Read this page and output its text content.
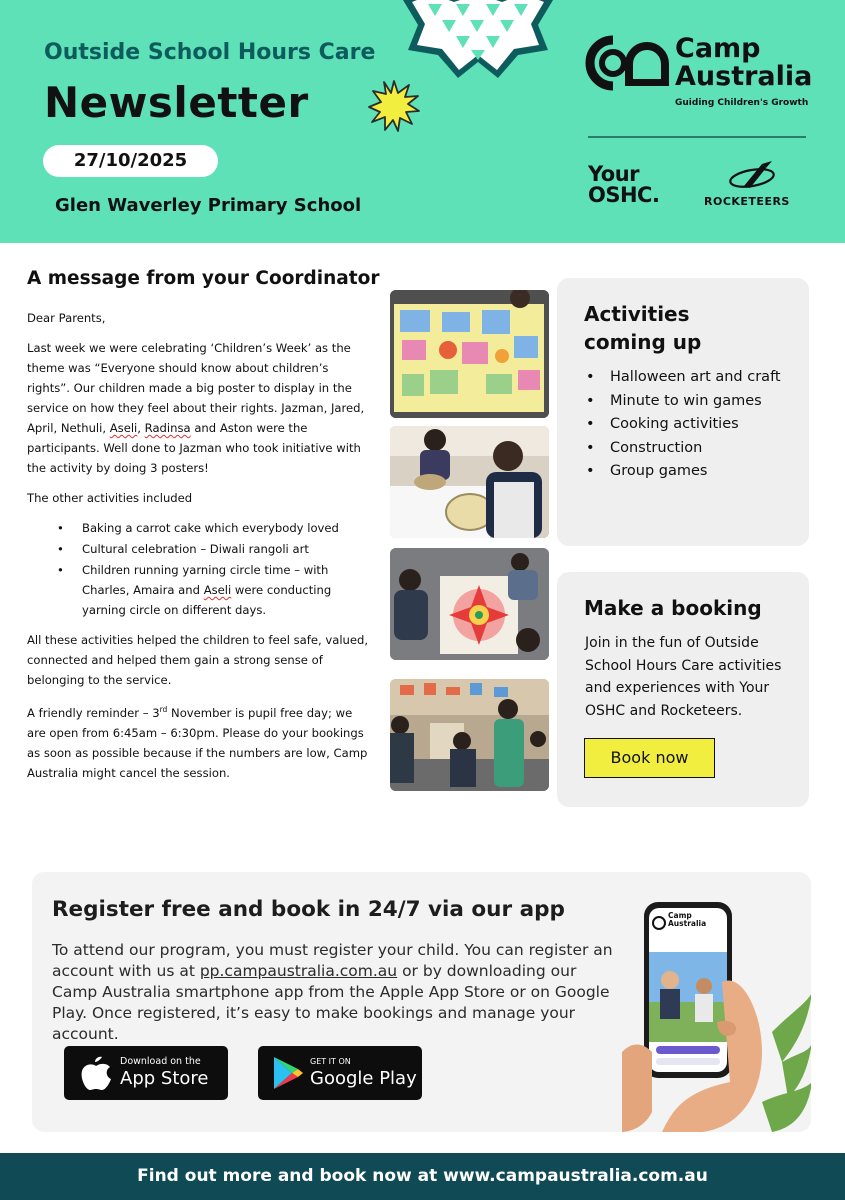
Outside School Hours Care
Newsletter
27/10/2025
Glen Waverley Primary School
Camp
Australia
Guiding Children's Growth
Your
OSHC.	ROCKETEERS
A message from your Coordinator

Dear Parents,

Last week we were celebrating ‘Children’s Week’ as the theme was “Everyone should know about children’s rights”. Our children made a big poster to display in the service on how they feel about their rights. Jazman, Jared, April, Nethuli, Aseli, Radinsa and Aston were the participants. Well done to Jazman who took initiative with the activity by doing 3 posters!

The other activities included

• Baking a carrot cake which everybody loved
• Cultural celebration – Diwali rangoli art
• Children running yarning circle time – with Charles, Amaira and Aseli were conducting yarning circle on different days.

All these activities helped the children to feel safe, valued, connected and helped them gain a strong sense of belonging to the service.

A friendly reminder – 3rd November is pupil free day; we are open from 6:45am – 6:30pm. Please do your bookings as soon as possible because if the numbers are low, Camp Australia might cancel the session.

Activities coming up
• Halloween art and craft
• Minute to win games
• Cooking activities
• Construction
• Group games
Make a booking
Join in the fun of Outside School Hours Care activities and experiences with Your OSHC and Rocketeers.
Book now
Register free and book in 24/7 via our app
To attend our program, you must register your child. You can register an account with us at pp.campaustralia.com.au or by downloading our Camp Australia smartphone app from the Apple App Store or on Google Play. Once registered, it’s easy to make bookings and manage your account.
Download on the
App Store
GET IT ON
Google Play
Camp
Australia
Find out more and book now at www.campaustralia.com.au
